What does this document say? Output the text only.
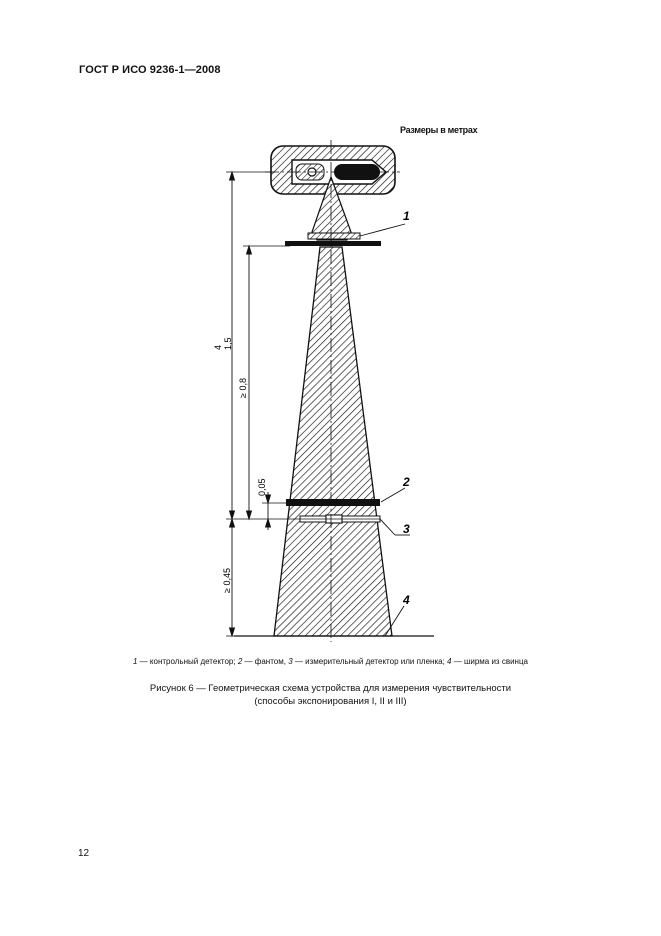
ГОСТ Р ИСО 9236-1—2008
Размеры в метрах
4 1,5
≥ 0,8
0,05
≥ 0,45
1
2
3
4
1 — контрольный детектор; 2 — фантом, 3 — измерительный детектор или пленка; 4 — ширма из свинца
Рисунок 6 — Геометрическая схема устройства для измерения чувствительности
(способы экспонирования I, II и III)
12
